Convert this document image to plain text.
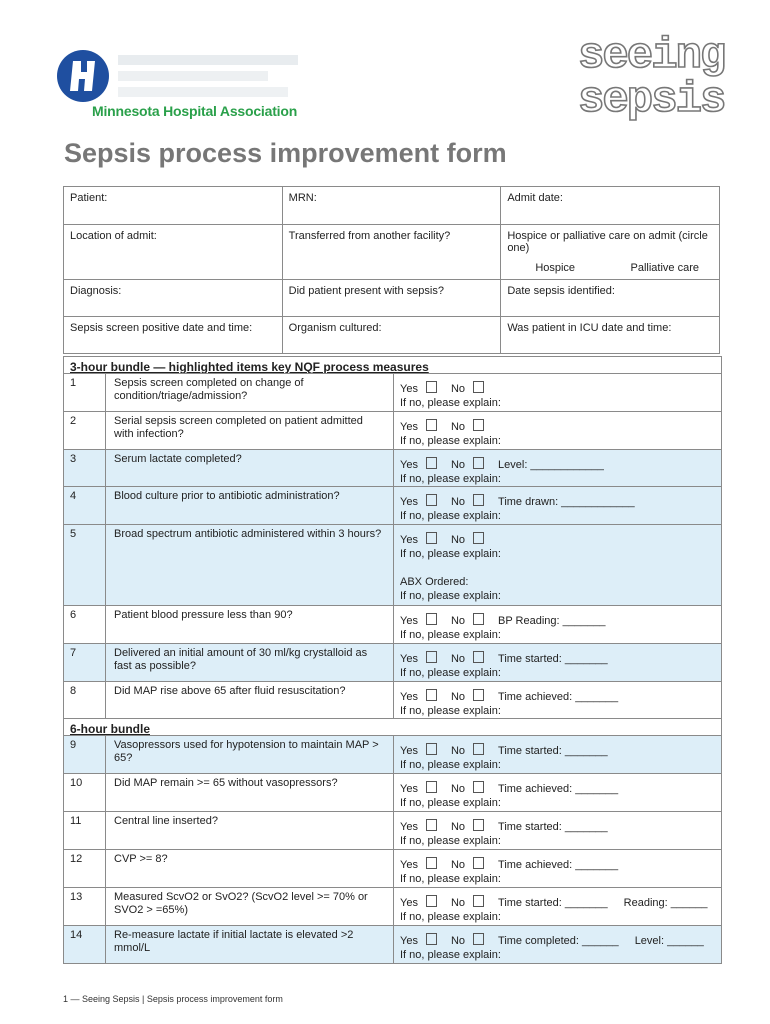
Minnesota Hospital Association
seeing
sepsis
Sepsis process improvement form
Patient:	MRN:	Admit date:
Location of admit:	Transferred from another facility?	Hospice or palliative care on admit (circle one)
Hospice Palliative care

Diagnosis:	Did patient present with sepsis?	Date sepsis identified:
Sepsis screen positive date and time:	Organism cultured:	Was patient in ICU date and time:
3-hour bundle — highlighted items key NQF process measures
1	Sepsis screen completed on change of condition/triage/admission?
Yes	No
If no, please explain:
2	Serial sepsis screen completed on patient admitted with infection?
Yes	No
If no, please explain:
3	Serum lactate completed?	Yes	No	Level: ____________
If no, please explain:
4	Blood culture prior to antibiotic administration?	Yes	No	Time drawn: ____________
If no, please explain:
5	Broad spectrum antibiotic administered within 3 hours?	Yes	No
If no, please explain:
ABX Ordered:
If no, please explain:
6	Patient blood pressure less than 90?	Yes	No	BP Reading: _______
If no, please explain:
7	Delivered an initial amount of 30 ml/kg crystalloid as fast as possible?
Yes	No	Time started: _______
If no, please explain:
8	Did MAP rise above 65 after fluid resuscitation?	Yes	No	Time achieved: _______
If no, please explain:
6-hour bundle
9	Vasopressors used for hypotension to maintain MAP > 65?
Yes	No	Time started: _______
If no, please explain:
10	Did MAP remain >= 65 without vasopressors?	Yes	No	Time achieved: _______
If no, please explain:
11	Central line inserted?	Yes	No	Time started: _______
If no, please explain:
12	CVP >= 8?	Yes	No	Time achieved: _______
If no, please explain:
13	Measured ScvO2 or SvO2? (ScvO2 level >= 70% or SVO2 > =65%)
Yes	No	Time started: _______ Reading: ______
If no, please explain:
14	Re-measure lactate if initial lactate is elevated >2 mmol/L
Yes	No	Time completed: ______ Level: ______
If no, please explain:
1 — Seeing Sepsis | Sepsis process improvement form
